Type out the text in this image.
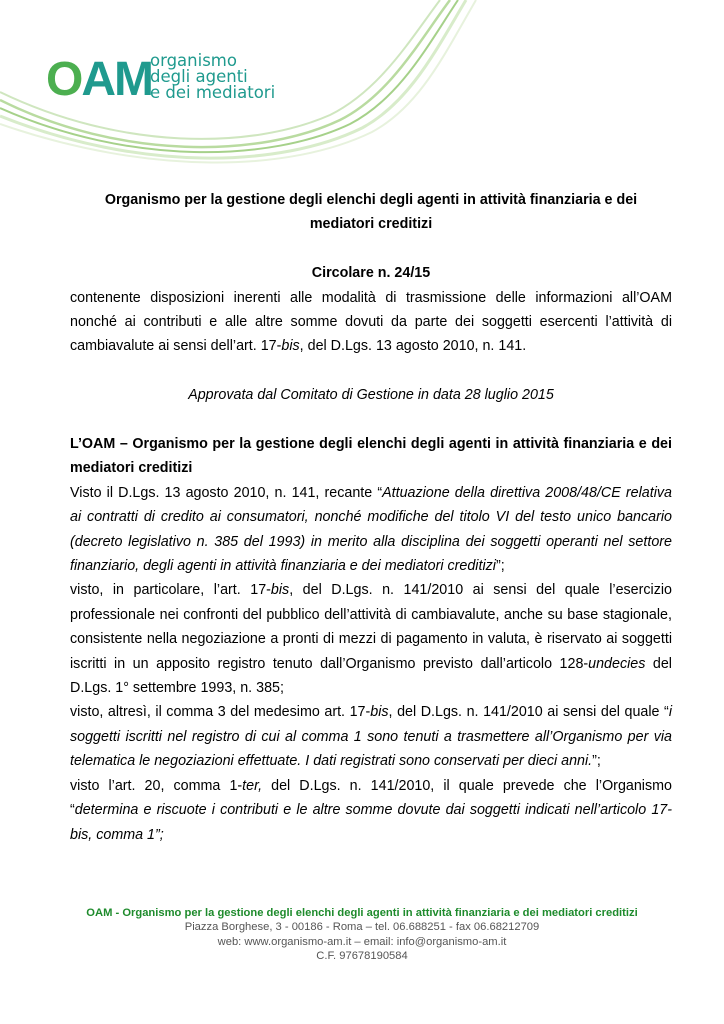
OAM
organismo
degli agenti
e dei mediatori

Organismo per la gestione degli elenchi degli agenti in attività finanziaria e dei
mediatori creditizi

Circolare n. 24/15

contenente disposizioni inerenti alle modalità di trasmissione delle informazioni all’OAM nonché ai contributi e alle altre somme dovuti da parte dei soggetti esercenti l’attività di cambiavalute ai sensi dell’art. 17-bis, del D.Lgs. 13 agosto 2010, n. 141.

Approvata dal Comitato di Gestione in data 28 luglio 2015

L’OAM – Organismo per la gestione degli elenchi degli agenti in attività finanziaria e dei mediatori creditizi

Visto il D.Lgs. 13 agosto 2010, n. 141, recante “Attuazione della direttiva 2008/48/CE relativa ai contratti di credito ai consumatori, nonché modifiche del titolo VI del testo unico bancario (decreto legislativo n. 385 del 1993) in merito alla disciplina dei soggetti operanti nel settore finanziario, degli agenti in attività finanziaria e dei mediatori creditizi”;

visto, in particolare, l’art. 17-bis, del D.Lgs. n. 141/2010 ai sensi del quale l’esercizio professionale nei confronti del pubblico dell’attività di cambiavalute, anche su base stagionale, consistente nella negoziazione a pronti di mezzi di pagamento in valuta, è riservato ai soggetti iscritti in un apposito registro tenuto dall’Organismo previsto dall’articolo 128-undecies del D.Lgs. 1° settembre 1993, n. 385;

visto, altresì, il comma 3 del medesimo art. 17-bis, del D.Lgs. n. 141/2010 ai sensi del quale “i soggetti iscritti nel registro di cui al comma 1 sono tenuti a trasmettere all’Organismo per via telematica le negoziazioni effettuate. I dati registrati sono conservati per dieci anni.”;

visto l’art. 20, comma 1-ter, del D.Lgs. n. 141/2010, il quale prevede che l’Organismo “determina e riscuote i contributi e le altre somme dovute dai soggetti indicati nell’articolo 17-bis, comma 1”;

OAM - Organismo per la gestione degli elenchi degli agenti in attività finanziaria e dei mediatori creditizi
Piazza Borghese, 3 - 00186 - Roma – tel. 06.688251 - fax 06.68212709
web: www.organismo-am.it – email: info@organismo-am.it
C.F. 97678190584
